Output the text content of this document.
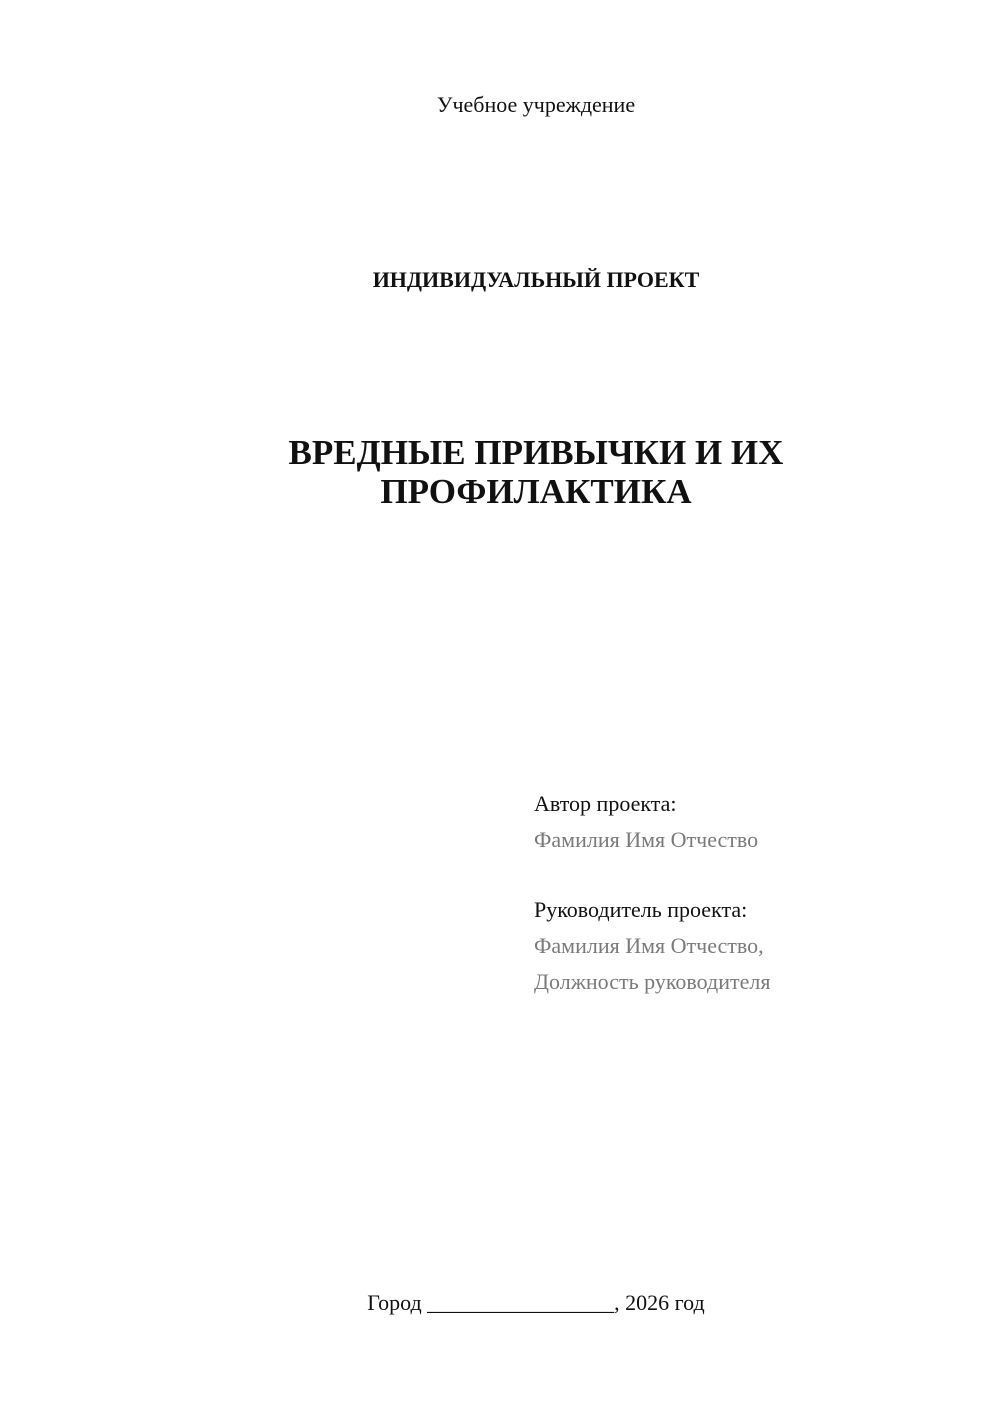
Учебное учреждение
ИНДИВИДУАЛЬНЫЙ ПРОЕКТ
ВРЕДНЫЕ ПРИВЫЧКИ И ИХ
ПРОФИЛАКТИКА
Автор проекта:
Фамилия Имя Отчество
Руководитель проекта:
Фамилия Имя Отчество,
Должность руководителя
Город _________________, 2026 год
